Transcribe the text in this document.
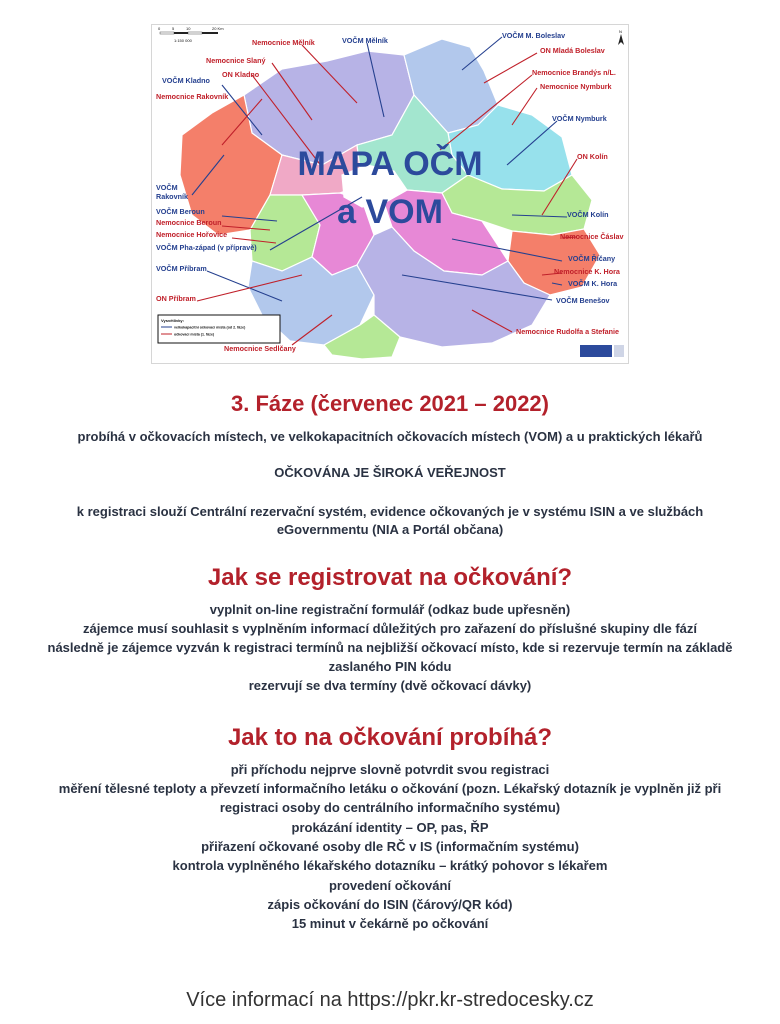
0	5	10	20 Km
1:150 000
N
MAPA OČM
a VOM
Nemocnice Mělník	VOČM Mělník
Nemocnice Slaný
ON Kladno
VOČM Kladno
Nemocnice Rakovník
VOČM
Rakovník
VOČM Beroun
Nemocnice Beroun
Nemocnice Hořovice
VOČM Pha-západ (v přípravě)
VOČM Příbram
ON Příbram
Nemocnice Sedlčany
VOČM M. Boleslav
ON Mladá Boleslav
Nemocnice Brandýs n/L.
Nemocnice Nymburk
VOČM Nymburk
ON Kolín
VOČM Kolín
Nemocnice Čáslav
VOČM Říčany
Nemocnice K. Hora
VOČM K. Hora
VOČM Benešov
Nemocnice Rudolfa a Stefanie
Vysvětlivky:
velkokapacitní očkovací místa (od 2. fáze)
očkovací místa (1. fáze)
3. Fáze (červenec 2021 – 2022)

probíhá v očkovacích místech, ve velkokapacitních očkovacích místech (VOM) a u praktických lékařů

OČKOVÁNA JE ŠIROKÁ VEŘEJNOST

k registraci slouží Centrální rezervační systém, evidence očkovaných je v systému ISIN a ve službách

eGovernmentu (NIA a Portál občana)

Jak se registrovat na očkování?

vyplnit on-line registrační formulář (odkaz bude upřesněn)

zájemce musí souhlasit s vyplněním informací důležitých pro zařazení do příslušné skupiny dle fází

následně je zájemce vyzván k registraci termínů na nejbližší očkovací místo, kde si rezervuje termín na základě

zaslaného PIN kódu

rezervují se dva termíny (dvě očkovací dávky)

Jak to na očkování probíhá?

při příchodu nejprve slovně potvrdit svou registraci

měření tělesné teploty a převzetí informačního letáku o očkování (pozn. Lékařský dotazník je vyplněn již při

registraci osoby do centrálního informačního systému)

prokázání identity – OP, pas, ŘP

přiřazení očkované osoby dle RČ v IS (informačním systému)

kontrola vyplněného lékařského dotazníku – krátký pohovor s lékařem

provedení očkování

zápis očkování do ISIN (čárový/QR kód)

15 minut v čekárně po očkování

Více informací na https://pkr.kr-stredocesky.cz
